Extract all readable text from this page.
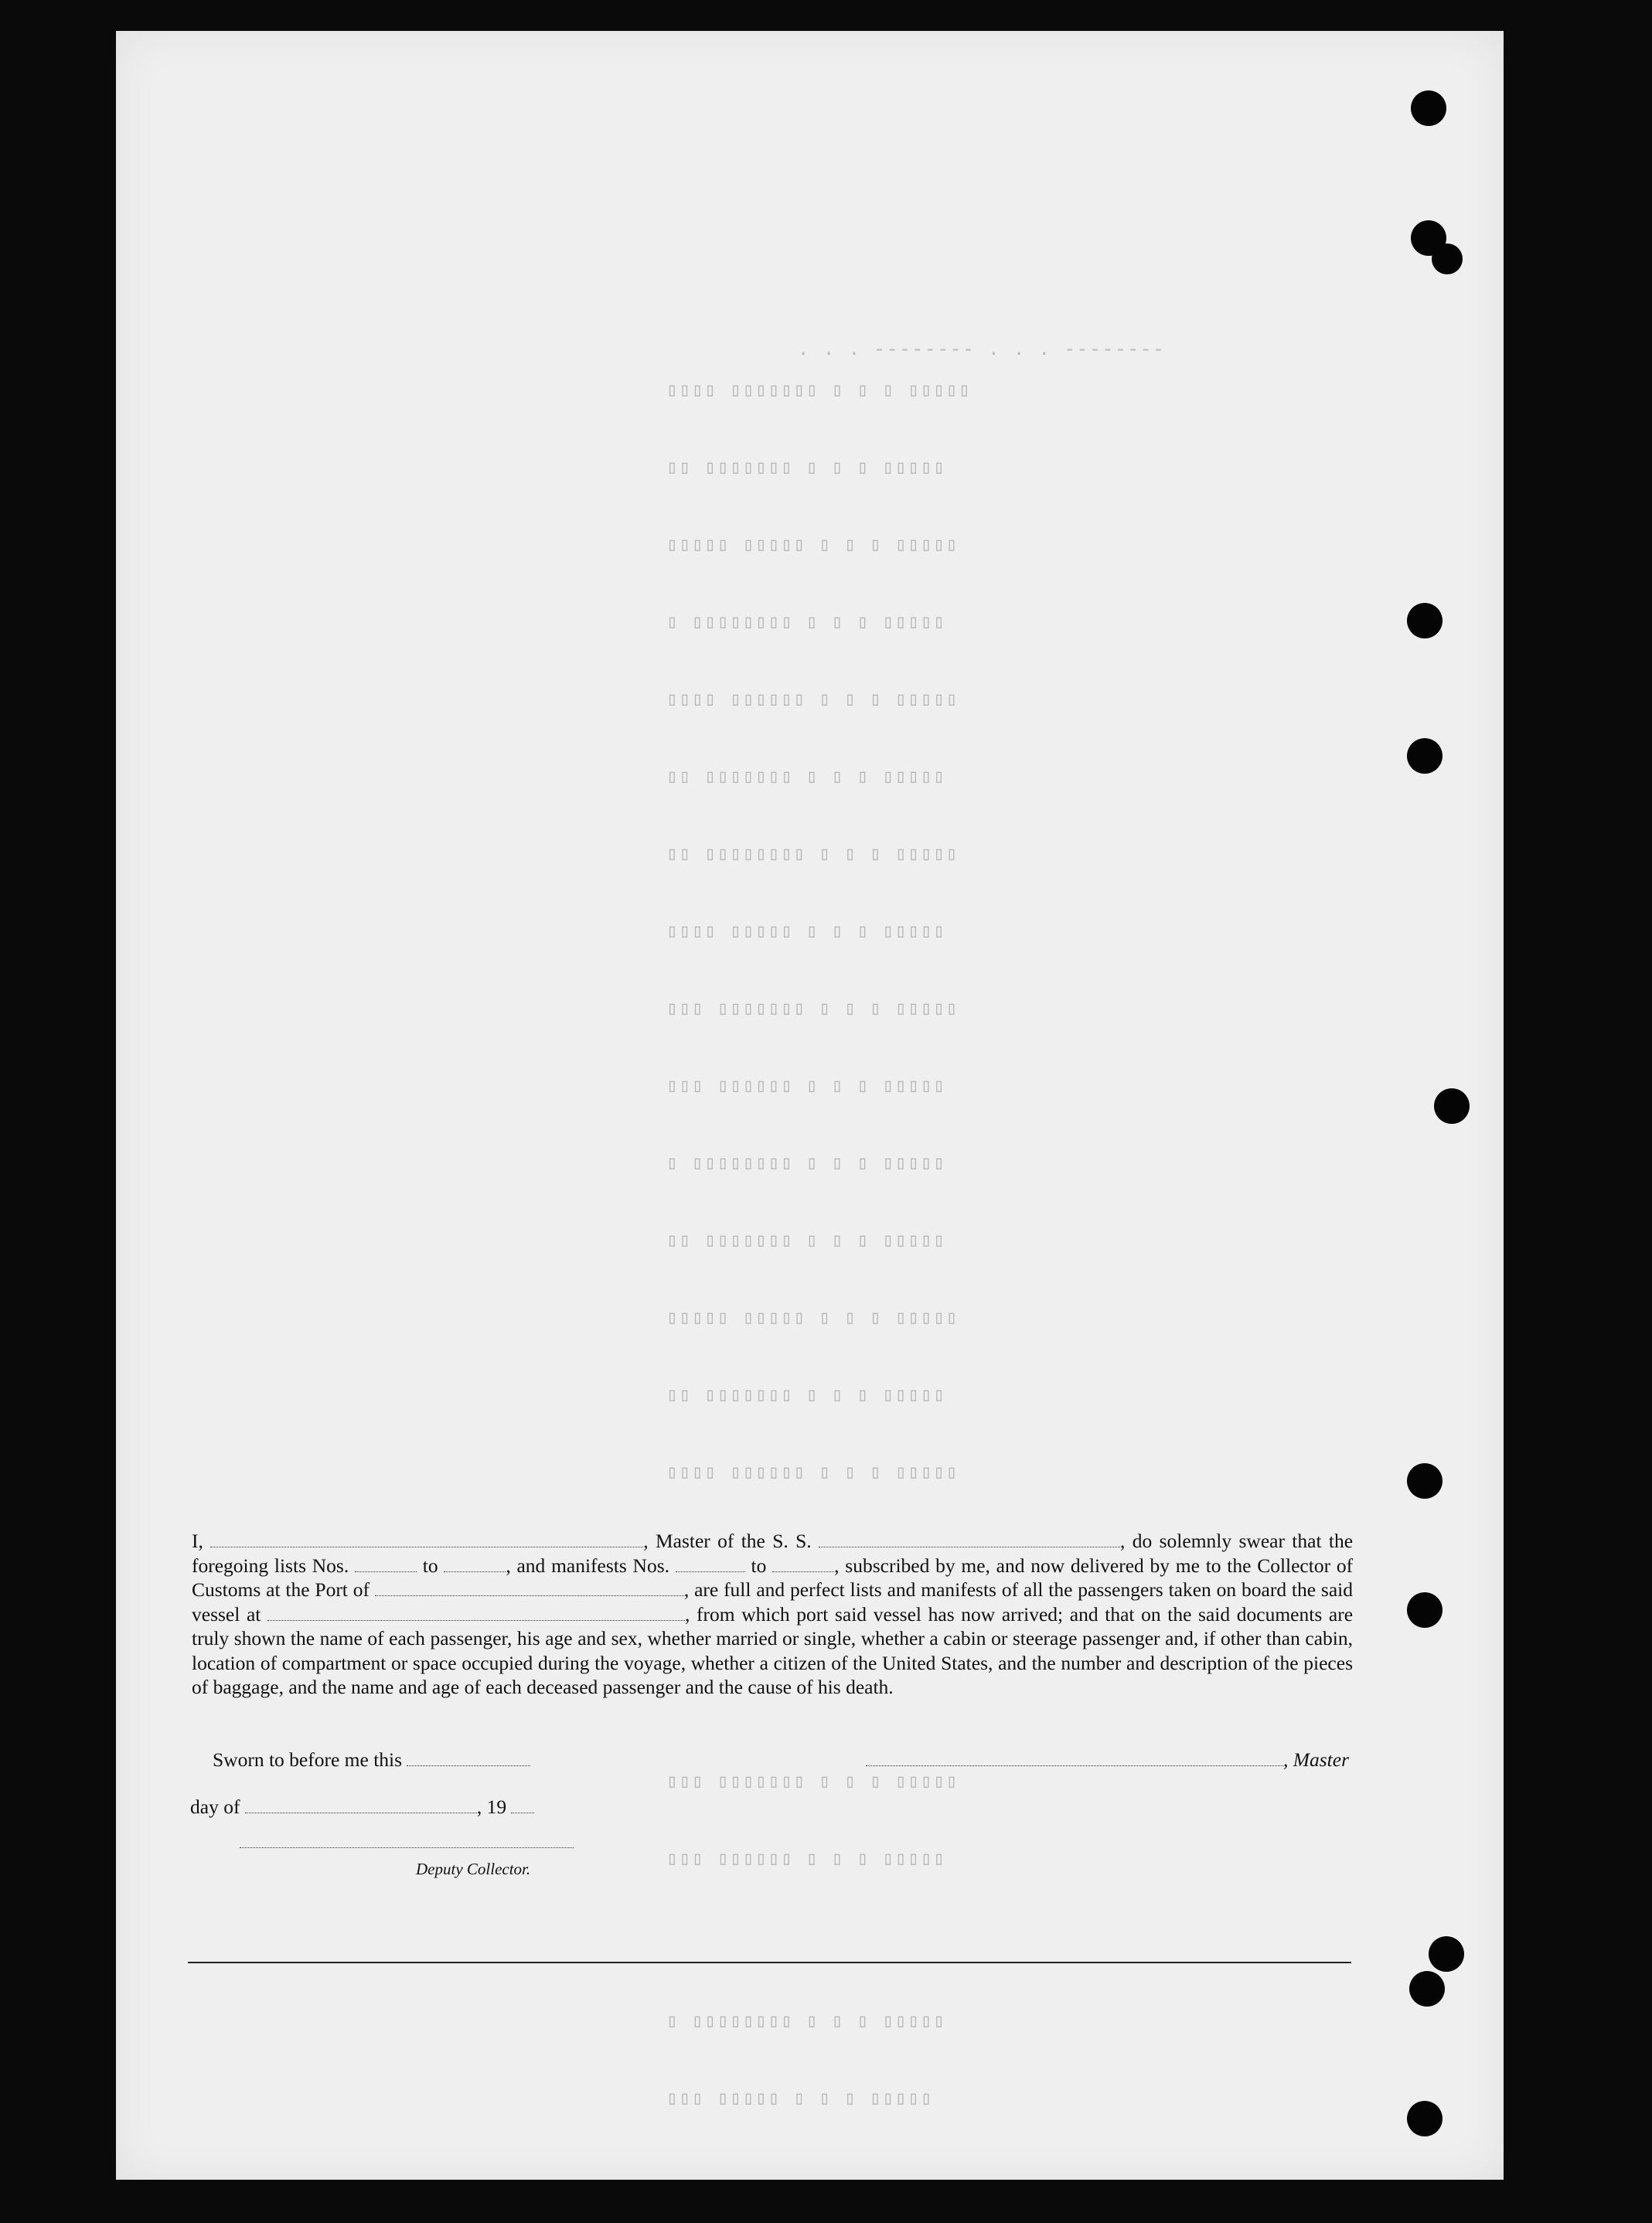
-------- . . . -------- . . .
▯▯▯▯▯ ▯ ▯ ▯ ▯▯▯▯▯▯▯ ▯▯▯▯
▯▯▯▯▯ ▯ ▯ ▯ ▯▯▯▯▯▯▯ ▯▯
▯▯▯▯▯ ▯ ▯ ▯ ▯▯▯▯▯ ▯▯▯▯▯
▯▯▯▯▯ ▯ ▯ ▯ ▯▯▯▯▯▯▯▯ ▯
▯▯▯▯▯ ▯ ▯ ▯ ▯▯▯▯▯▯ ▯▯▯▯
▯▯▯▯▯ ▯ ▯ ▯ ▯▯▯▯▯▯▯ ▯▯
▯▯▯▯▯ ▯ ▯ ▯ ▯▯▯▯▯▯▯▯ ▯▯
▯▯▯▯▯ ▯ ▯ ▯ ▯▯▯▯▯ ▯▯▯▯
▯▯▯▯▯ ▯ ▯ ▯ ▯▯▯▯▯▯▯ ▯▯▯
▯▯▯▯▯ ▯ ▯ ▯ ▯▯▯▯▯▯ ▯▯▯
▯▯▯▯▯ ▯ ▯ ▯ ▯▯▯▯▯▯▯▯ ▯
▯▯▯▯▯ ▯ ▯ ▯ ▯▯▯▯▯▯▯ ▯▯
▯▯▯▯▯ ▯ ▯ ▯ ▯▯▯▯▯ ▯▯▯▯▯
▯▯▯▯▯ ▯ ▯ ▯ ▯▯▯▯▯▯▯ ▯▯
▯▯▯▯▯ ▯ ▯ ▯ ▯▯▯▯▯▯ ▯▯▯▯
▯▯▯▯▯ ▯ ▯ ▯ ▯▯▯▯▯▯▯ ▯▯▯
▯▯▯▯▯ ▯ ▯ ▯ ▯▯▯▯▯▯ ▯▯▯
▯▯▯▯▯ ▯ ▯ ▯ ▯▯▯▯▯▯▯▯ ▯
▯▯▯▯▯ ▯ ▯ ▯ ▯▯▯▯▯ ▯▯▯
I,	, Master of the S. S.	, do solemnly swear that the foregoing lists Nos.	to	, and manifests Nos.	to	, subscribed by me, and now delivered by me to the Collector of Customs at the Port of	, are full and perfect lists and manifests of all the passengers taken on board the said vessel at	, from which port said vessel has now arrived; and that on the said documents are truly shown the name of each passenger, his age and sex, whether married or single, whether a cabin or steerage passenger and, if other than cabin, location of compartment or space occupied during the voyage, whether a citizen of the United States, and the number and description of the pieces of baggage, and the name and age of each deceased passenger and the cause of his death.
Sworn to before me this	, Master
day of	, 19
Deputy Collector.
